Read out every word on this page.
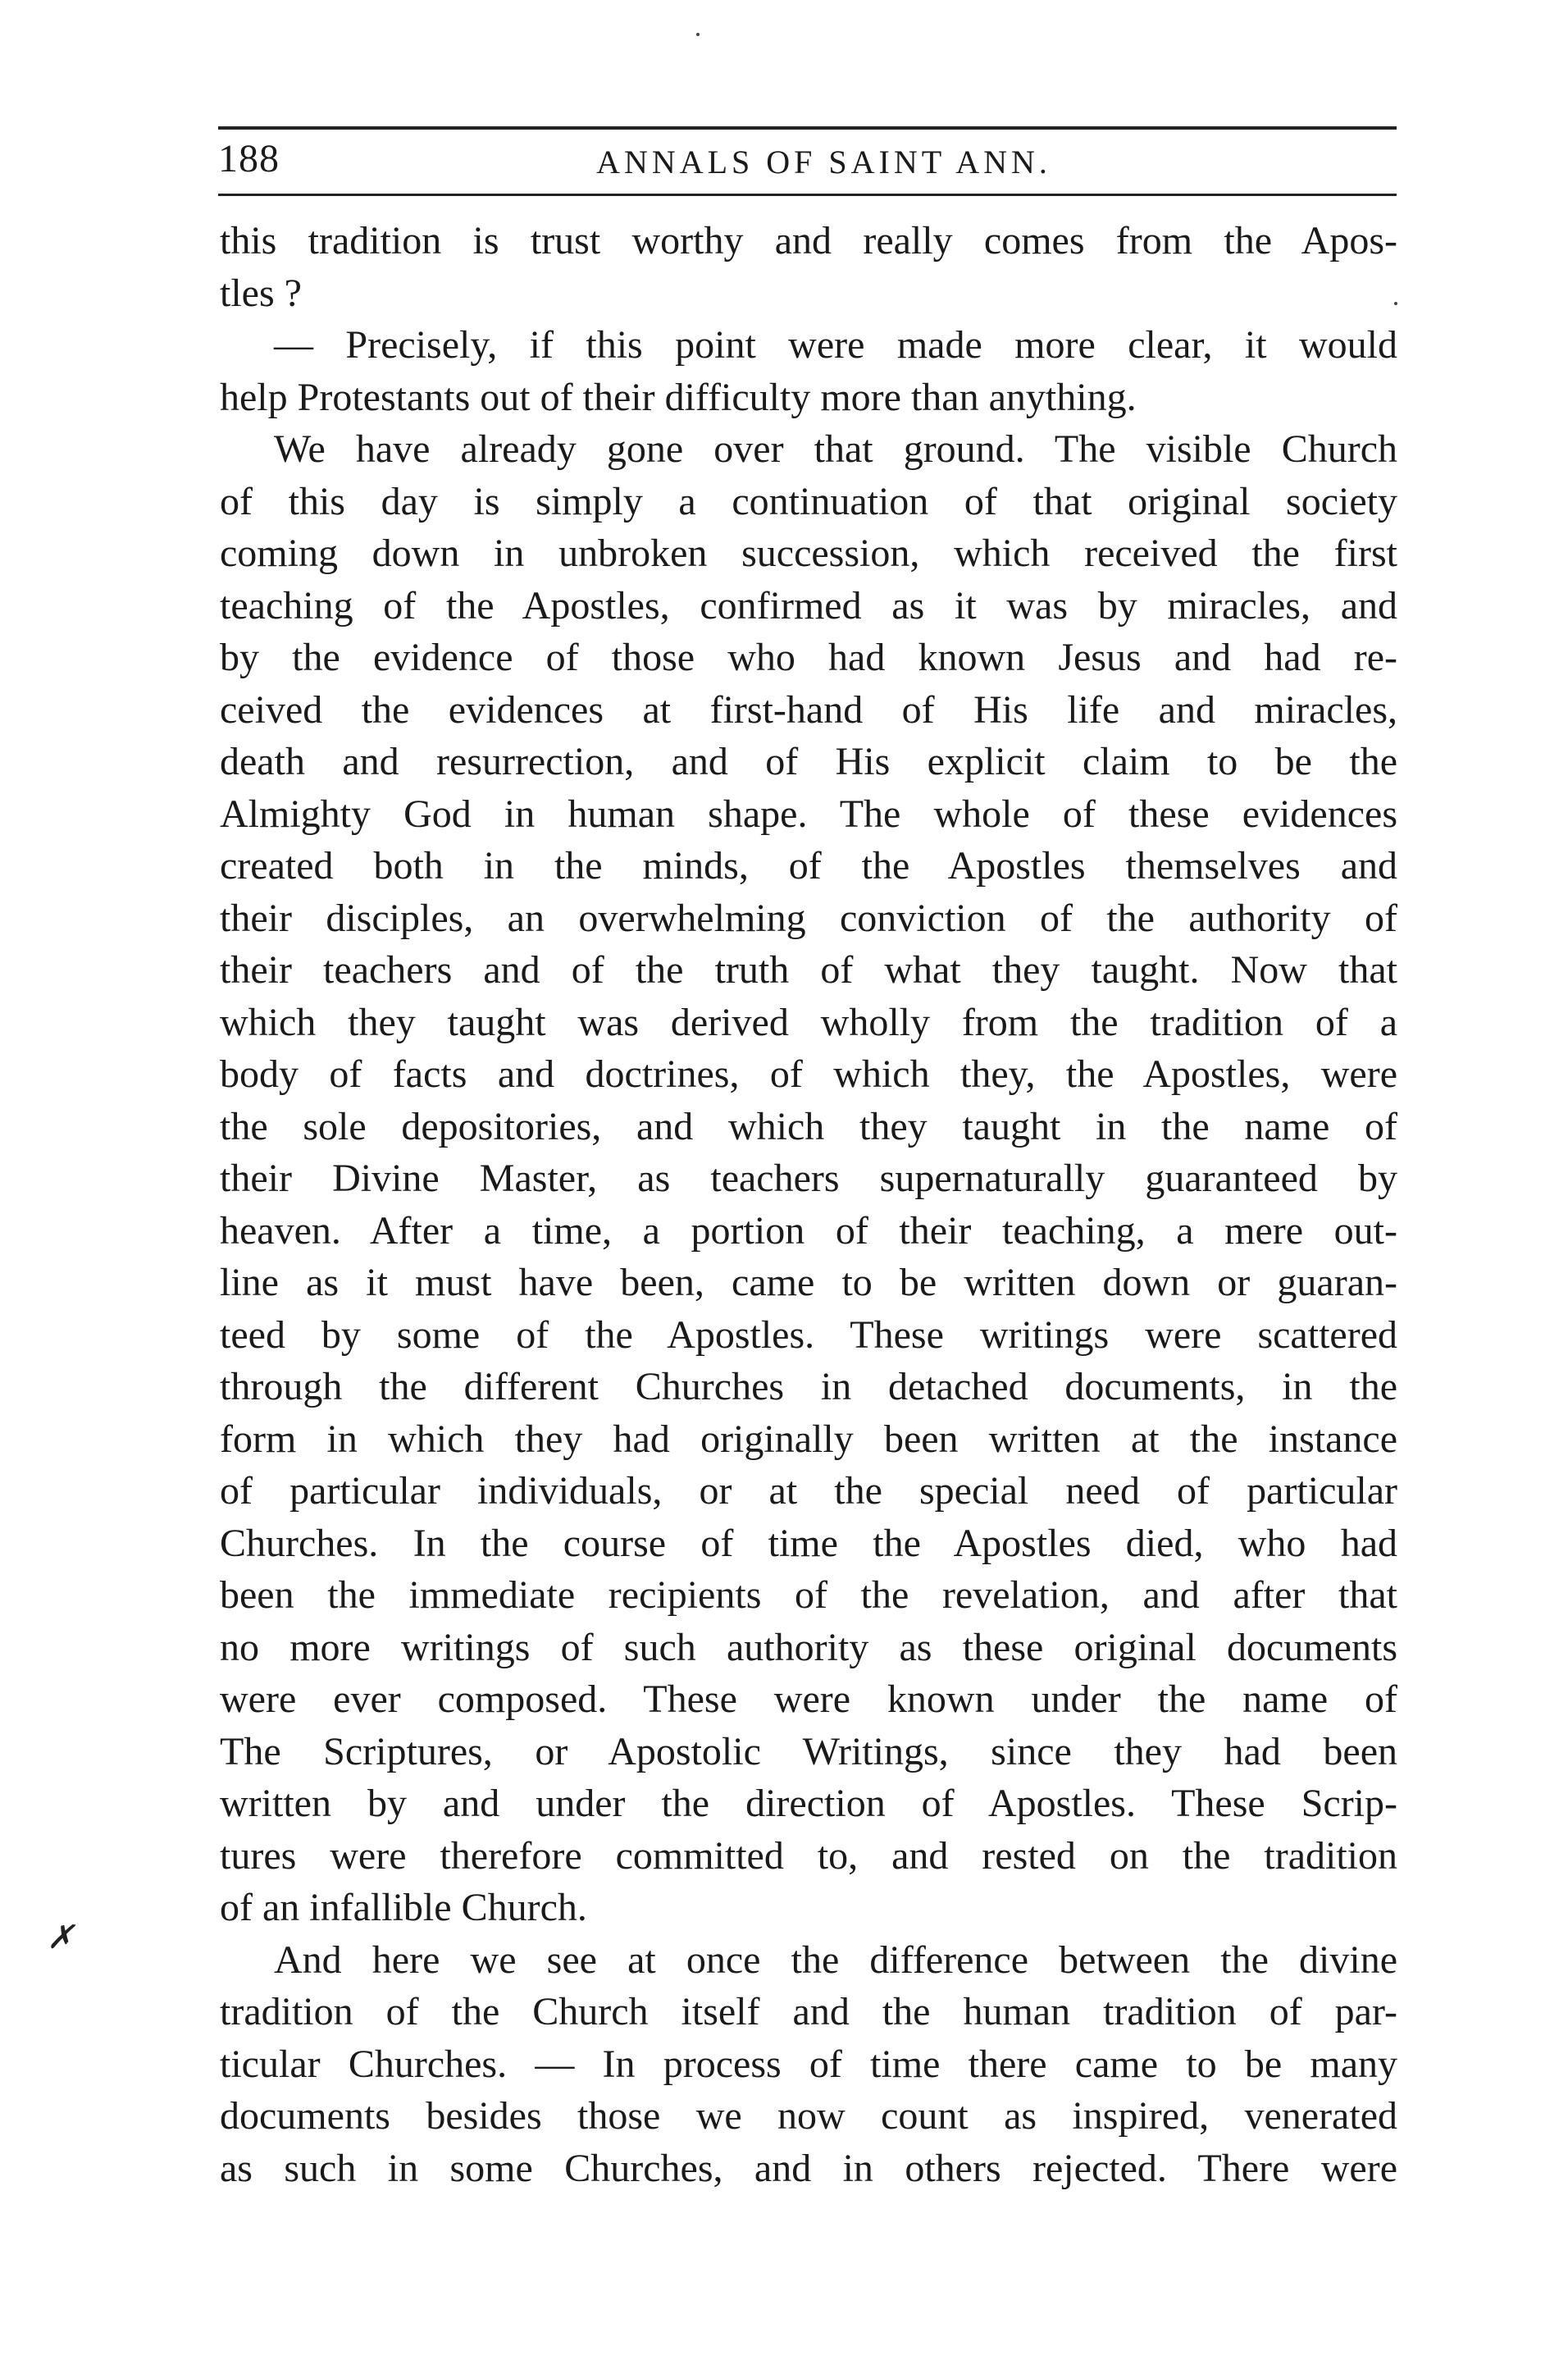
188	ANNALS OF SAINT ANN.
this tradition is trust worthy and really comes from the Apos-
tles ?
— Precisely, if this point were made more clear, it would
help Protestants out of their difficulty more than anything.
We have already gone over that ground. The visible Church
of this day is simply a continuation of that original society
coming down in unbroken succession, which received the first
teaching of the Apostles, confirmed as it was by miracles, and
by the evidence of those who had known Jesus and had re-
ceived the evidences at first-hand of His life and miracles,
death and resurrection, and of His explicit claim to be the
Almighty God in human shape. The whole of these evidences
created both in the minds, of the Apostles themselves and
their disciples, an overwhelming conviction of the authority of
their teachers and of the truth of what they taught. Now that
which they taught was derived wholly from the tradition of a
body of facts and doctrines, of which they, the Apostles, were
the sole depositories, and which they taught in the name of
their Divine Master, as teachers supernaturally guaranteed by
heaven. After a time, a portion of their teaching, a mere out-
line as it must have been, came to be written down or guaran-
teed by some of the Apostles. These writings were scattered
through the different Churches in detached documents, in the
form in which they had originally been written at the instance
of particular individuals, or at the special need of particular
Churches. In the course of time the Apostles died, who had
been the immediate recipients of the revelation, and after that
no more writings of such authority as these original documents
were ever composed. These were known under the name of
The Scriptures, or Apostolic Writings, since they had been
written by and under the direction of Apostles. These Scrip-
tures were therefore committed to, and rested on the tradition
of an infallible Church.
And here we see at once the difference between the divine
tradition of the Church itself and the human tradition of par-
ticular Churches. — In process of time there came to be many
documents besides those we now count as inspired, venerated
as such in some Churches, and in others rejected. There were
✗
